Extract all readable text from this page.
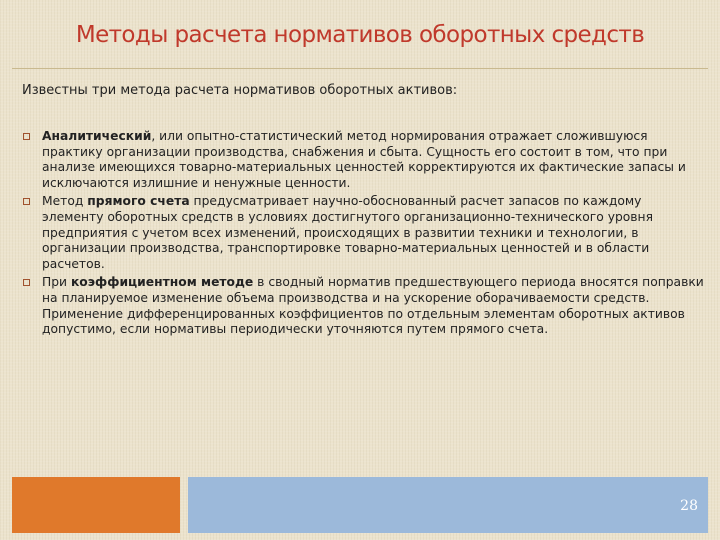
Методы расчета нормативов оборотных средств

Известны три метода расчета нормативов оборотных активов:

Аналитический, или опытно-статистический метод нормирования отражает сложившуюся практику организации производства, снабжения и сбыта. Сущность его состоит в том, что при анализе имеющихся товарно-материальных ценностей корректируются их фактические запасы и исключаются излишние и ненужные ценности.
Метод прямого счета предусматривает научно-обоснованный расчет запасов по каждому элементу оборотных средств в условиях достигнутого организационно-технического уровня предприятия с учетом всех изменений, происходящих в развитии техники и технологии, в организации производства, транспортировке товарно-материальных ценностей и в области расчетов.
При коэффициентном методе в сводный норматив предшествующего периода вносятся поправки на планируемое изменение объема производства и на ускорение оборачиваемости средств. Применение дифференцированных коэффициентов по отдельным элементам оборотных активов допустимо, если нормативы периодически уточняются путем прямого счета.
28
